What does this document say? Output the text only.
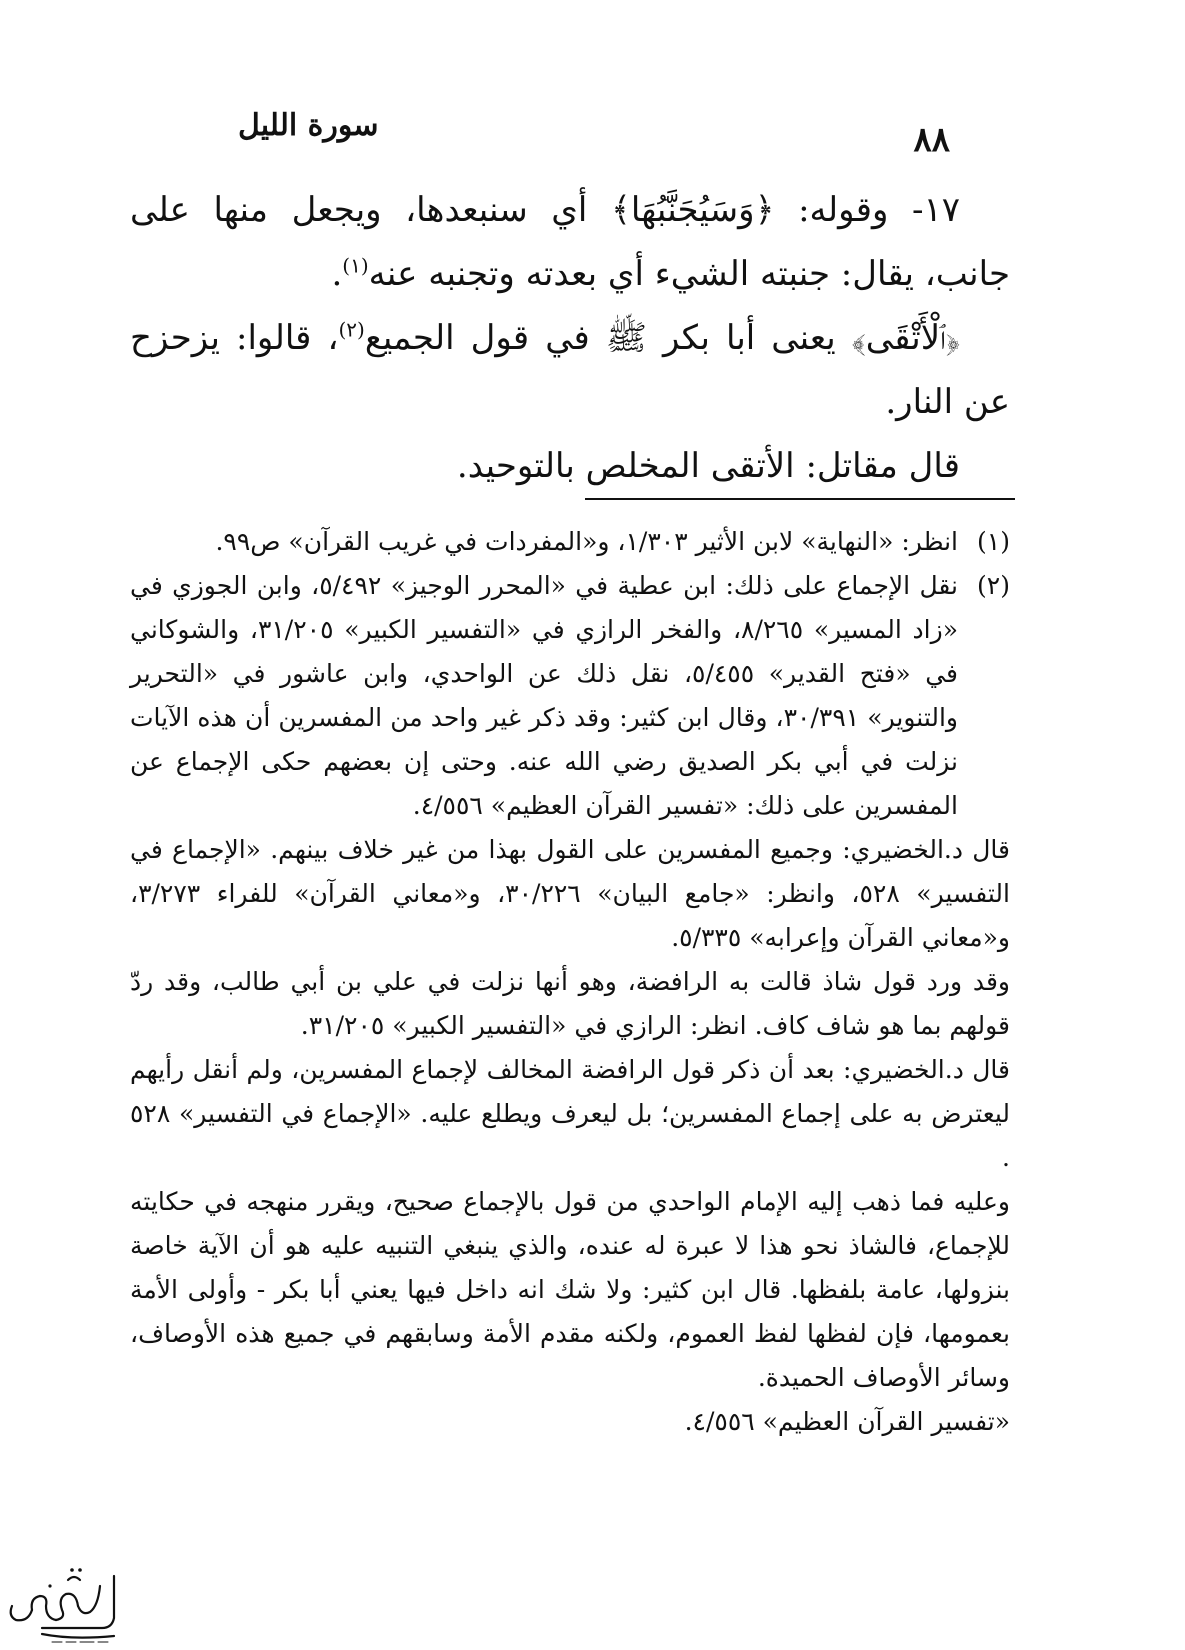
٨٨
سورة الليل

١٧- وقوله: ﴿وَسَيُجَنَّبُهَا﴾ أي سنبعدها، ويجعل منها على جانب، يقال: جنبته الشيء أي بعدته وتجنبه عنه$^{(١)}$.

﴿ٱلْأَتْقَى﴾ يعنى أبا بكر ﷺ في قول الجميع$^{(٢)}$، قالوا: يزحزح عن النار.

قال مقاتل: الأتقى المخلص بالتوحيد.

(١)
انظر: «النهاية» لابن الأثير ١/٣٠٣، و«المفردات في غريب القرآن» ص٩٩.
(٢)
نقل الإجماع على ذلك: ابن عطية في «المحرر الوجيز» ٥/٤٩٢، وابن الجوزي في «زاد المسير» ٨/٢٦٥، والفخر الرازي في «التفسير الكبير» ٣١/٢٠٥، والشوكاني في «فتح القدير» ٥/٤٥٥، نقل ذلك عن الواحدي، وابن عاشور في «التحرير والتنوير» ٣٠/٣٩١، وقال ابن كثير: وقد ذكر غير واحد من المفسرين أن هذه الآيات نزلت في أبي بكر الصديق رضي الله عنه. وحتى إن بعضهم حكى الإجماع عن المفسرين على ذلك: «تفسير القرآن العظيم» ٤/٥٥٦.

قال د.الخضيري: وجميع المفسرين على القول بهذا من غير خلاف بينهم. «الإجماع في التفسير» ٥٢٨، وانظر: «جامع البيان» ٣٠/٢٢٦، و«معاني القرآن» للفراء ٣/٢٧٣، و«معاني القرآن وإعرابه» ٥/٣٣٥.

وقد ورد قول شاذ قالت به الرافضة، وهو أنها نزلت في علي بن أبي طالب، وقد ردّ قولهم بما هو شاف كاف. انظر: الرازي في «التفسير الكبير» ٣١/٢٠٥.

قال د.الخضيري: بعد أن ذكر قول الرافضة المخالف لإجماع المفسرين، ولم أنقل رأيهم ليعترض به على إجماع المفسرين؛ بل ليعرف ويطلع عليه. «الإجماع في التفسير» ٥٢٨ .

وعليه فما ذهب إليه الإمام الواحدي من قول بالإجماع صحيح، ويقرر منهجه في حكايته للإجماع، فالشاذ نحو هذا لا عبرة له عنده، والذي ينبغي التنبيه عليه هو أن الآية خاصة بنزولها، عامة بلفظها. قال ابن كثير: ولا شك انه داخل فيها يعني أبا بكر - وأولى الأمة بعمومها، فإن لفظها لفظ العموم، ولكنه مقدم الأمة وسابقهم في جميع هذه الأوصاف، وسائر الأوصاف الحميدة.

«تفسير القرآن العظيم» ٤/٥٥٦.
